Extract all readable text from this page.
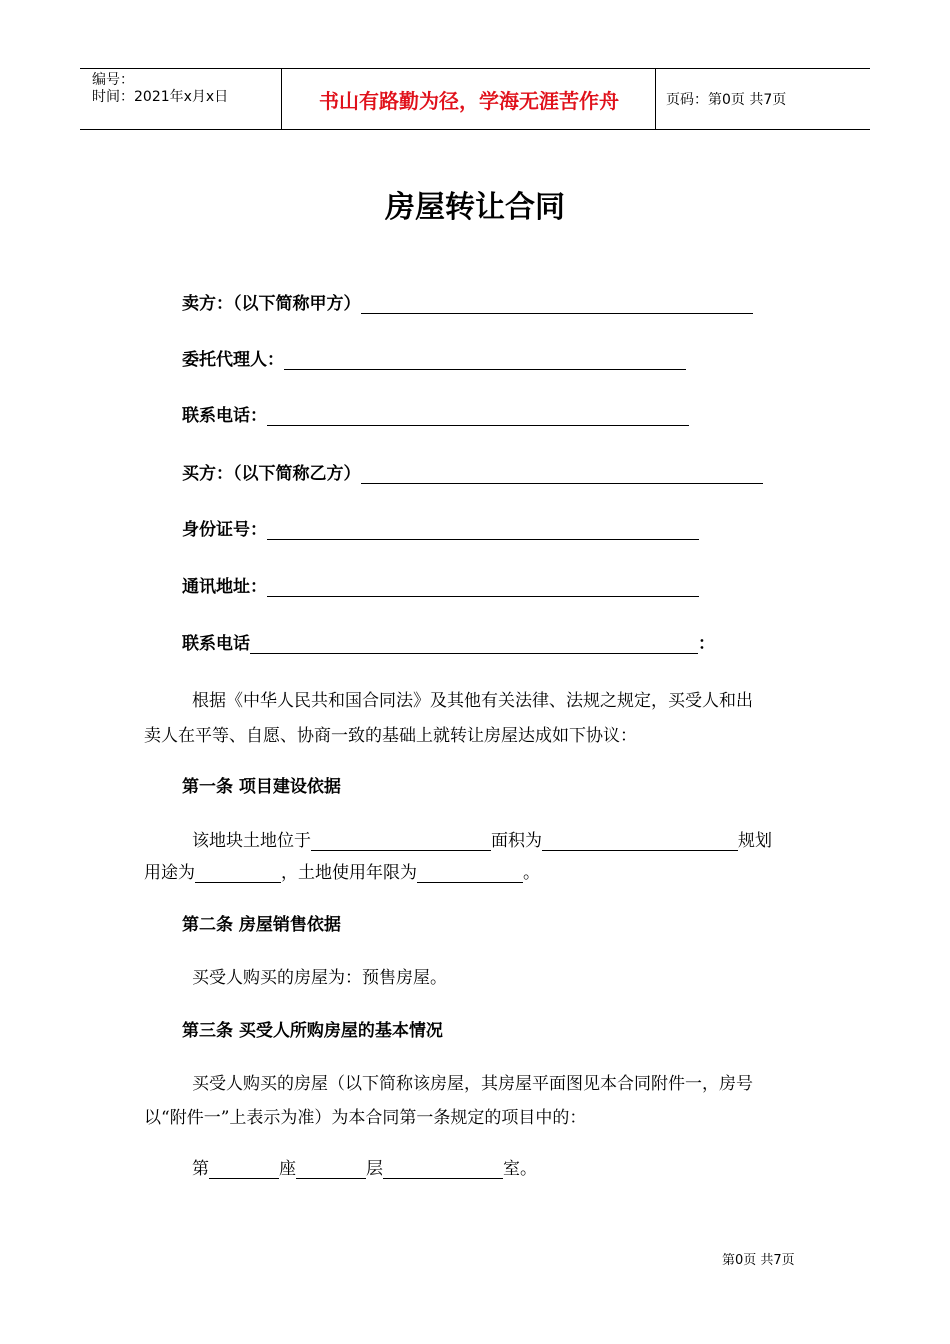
编号：
时间：2021年x月x日	书山有路勤为径，学海无涯苦作舟	页码：第0页 共7页
房屋转让合同
卖方：（以下简称甲方）
委托代理人：
联系电话：
买方：（以下简称乙方）
身份证号：
通讯地址：
联系电话	：
根据《中华人民共和国合同法》及其他有关法律、法规之规定，买受人和出
卖人在平等、自愿、协商一致的基础上就转让房屋达成如下协议：
第一条 项目建设依据
该地块土地位于	面积为	规划
用途为	，土地使用年限为	。
第二条 房屋销售依据
买受人购买的房屋为：预售房屋。
第三条 买受人所购房屋的基本情况
买受人购买的房屋（以下简称该房屋，其房屋平面图见本合同附件一，房号
以“附件一”上表示为准）为本合同第一条规定的项目中的：
第	座	层	室。
第0页 共7页
